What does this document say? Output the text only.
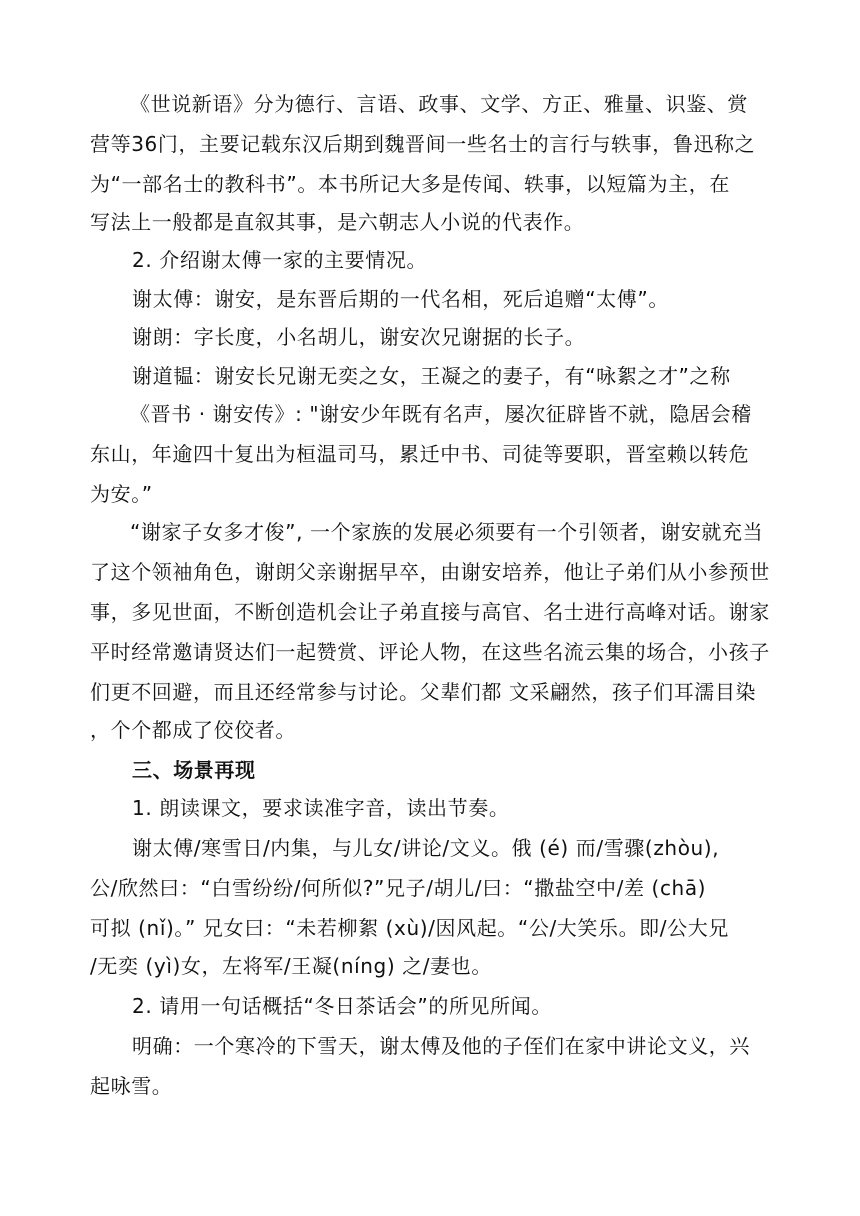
《世说新语》分为德行、言语、政事、文学、方正、雅量、识鉴、赏
营等36门，主要记载东汉后期到魏晋间一些名士的言行与轶事，鲁迅称之
为“一部名士的教科书”。本书所记大多是传闻、轶事，以短篇为主，在
写法上一般都是直叙其事，是六朝志人小说的代表作。
2. 介绍谢太傅一家的主要情况。
谢太傅：谢安，是东晋后期的一代名相，死后追赠“太傅”。
谢朗：字长度，小名胡儿，谢安次兄谢据的长子。
谢道韫：谢安长兄谢无奕之女，王凝之的妻子，有“咏絮之才”之称
《晋书 · 谢安传》: "谢安少年既有名声，屡次征辟皆不就，隐居会稽
东山，年逾四十复出为桓温司马，累迁中书、司徒等要职，晋室赖以转危
为安。”
“谢家子女多才俊”, 一个家族的发展必须要有一个引领者，谢安就充当
了这个领袖角色，谢朗父亲谢据早卒，由谢安培养，他让子弟们从小参预世
事，多见世面，不断创造机会让子弟直接与高官、名士进行高峰对话。谢家
平时经常邀请贤达们一起赞赏、评论人物，在这些名流云集的场合，小孩子
们更不回避，而且还经常参与讨论。父辈们都 文采翩然，孩子们耳濡目染
，个个都成了佼佼者。
三、场景再现
1. 朗读课文，要求读准字音，读出节奏。
谢太傅/寒雪日/内集，与儿女/讲论/文义。俄 (é) 而/雪骤(zhòu),
公/欣然曰：“白雪纷纷/何所似?”兄子/胡儿/曰：“撒盐空中/差 (chā)
可拟 (nǐ)。” 兄女曰：“未若柳絮 (xù)/因风起。“公/大笑乐。即/公大兄
/无奕 (yì)女，左将军/王凝(níng) 之/妻也。
2. 请用一句话概括“冬日茶话会”的所见所闻。
明确：一个寒冷的下雪天，谢太傅及他的子侄们在家中讲论文义，兴
起咏雪。
